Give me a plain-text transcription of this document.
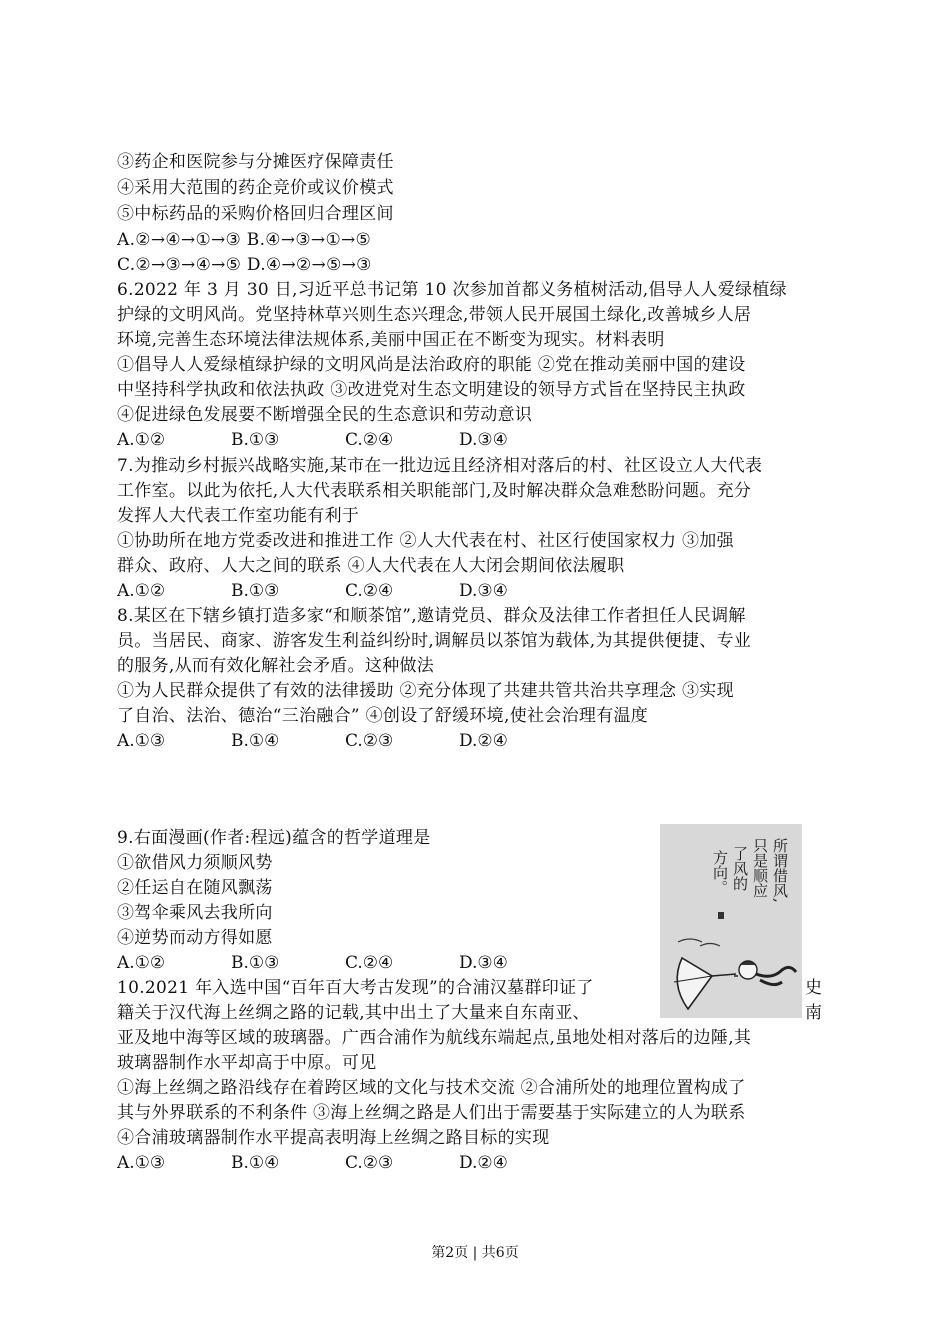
③药企和医院参与分摊医疗保障责任
④采用大范围的药企竞价或议价模式
⑤中标药品的采购价格回归合理区间
A.②→④→①→③ B.④→③→①→⑤
C.②→③→④→⑤ D.④→②→⑤→③
6.2022 年 3 月 30 日,习近平总书记第 10 次参加首都义务植树活动,倡导人人爱绿植绿
护绿的文明风尚。党坚持林草兴则生态兴理念,带领人民开展国土绿化,改善城乡人居
环境,完善生态环境法律法规体系,美丽中国正在不断变为现实。材料表明
①倡导人人爱绿植绿护绿的文明风尚是法治政府的职能 ②党在推动美丽中国的建设
中坚持科学执政和依法执政 ③改进党对生态文明建设的领导方式旨在坚持民主执政
④促进绿色发展要不断增强全民的生态意识和劳动意识
A.①②	B.①③	C.②④	D.③④
7.为推动乡村振兴战略实施,某市在一批边远且经济相对落后的村、社区设立人大代表
工作室。以此为依托,人大代表联系相关职能部门,及时解决群众急难愁盼问题。充分
发挥人大代表工作室功能有利于
①协助所在地方党委改进和推进工作 ②人大代表在村、社区行使国家权力 ③加强
群众、政府、人大之间的联系 ④人大代表在人大闭会期间依法履职
A.①②	B.①③	C.②④	D.③④
8.某区在下辖乡镇打造多家“和顺茶馆”,邀请党员、群众及法律工作者担任人民调解
员。当居民、商家、游客发生利益纠纷时,调解员以茶馆为载体,为其提供便捷、专业
的服务,从而有效化解社会矛盾。这种做法
①为人民群众提供了有效的法律援助 ②充分体现了共建共管共治共享理念 ③实现
了自治、法治、德治“三治融合” ④创设了舒缓环境,使社会治理有温度
A.①③	B.①④	C.②③	D.②④
9.右面漫画(作者:程远)蕴含的哲学道理是
①欲借风力须顺风势
②任运自在随风飘荡
③驾伞乘风去我所向
④逆势而动方得如愿
A.①②	B.①③	C.②④	D.③④
所谓借风,
只是顺应
了风的
方向。
10.2021 年入选中国“百年百大考古发现”的合浦汉墓群印证了	史
籍关于汉代海上丝绸之路的记载,其中出土了大量来自东南亚、	南
亚及地中海等区域的玻璃器。广西合浦作为航线东端起点,虽地处相对落后的边陲,其
玻璃器制作水平却高于中原。可见
①海上丝绸之路沿线存在着跨区域的文化与技术交流 ②合浦所处的地理位置构成了
其与外界联系的不利条件 ③海上丝绸之路是人们出于需要基于实际建立的人为联系
④合浦玻璃器制作水平提高表明海上丝绸之路目标的实现
A.①③	B.①④	C.②③	D.②④
第2页 | 共6页
